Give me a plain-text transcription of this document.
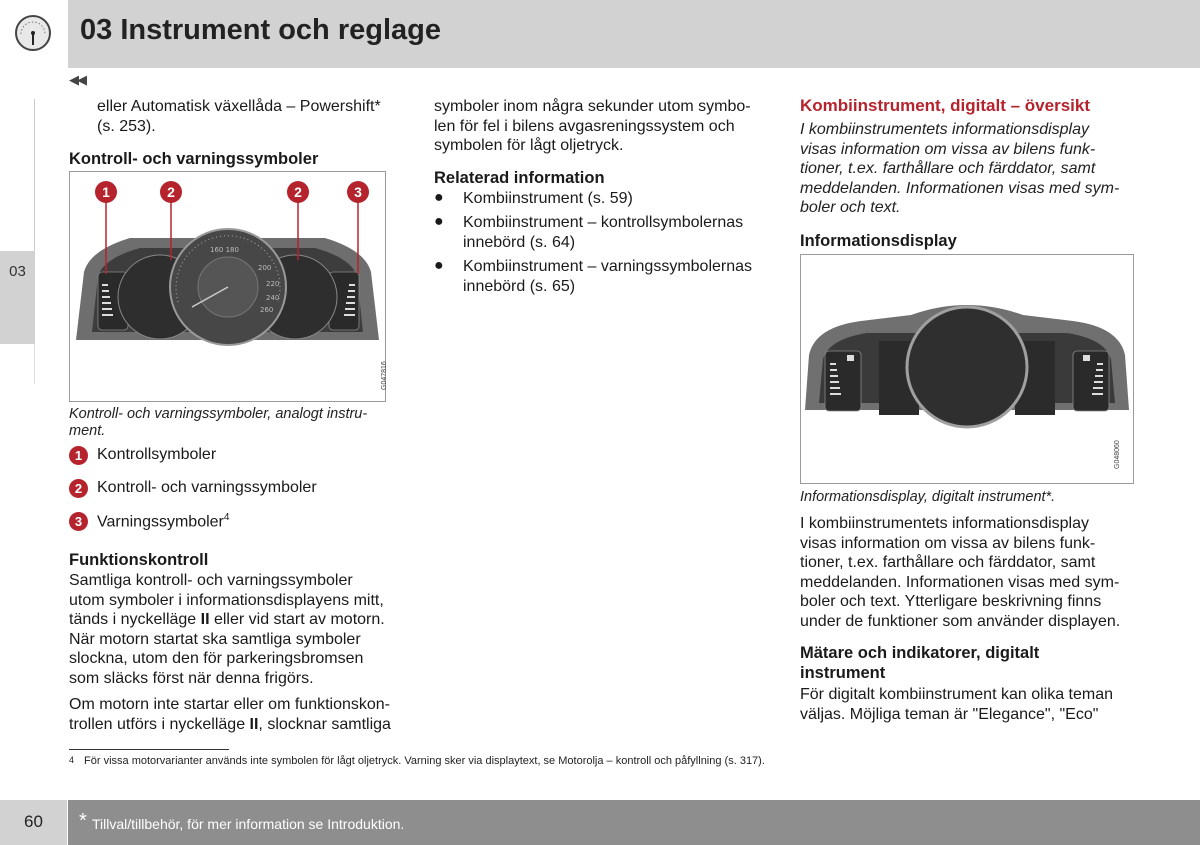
03 Instrument och reglage
◀◀
03

eller Automatisk växellåda – Powershift*

(s. 253).

Kontroll- och varningssymboler
160 180
200
220
240
260
1	2	2	3
G047816

Kontroll- och varningssymboler, analogt instru-

ment.

1 Kontrollsymboler
2 Kontroll- och varningssymboler
3 Varningssymboler$^4$
Funktionskontroll

Samtliga kontroll- och varningssymboler

utom symboler i informationsdisplayens mitt,

tänds i nyckelläge II eller vid start av motorn.

När motorn startat ska samtliga symboler

slockna, utom den för parkeringsbromsen

som släcks först när denna frigörs.

Om motorn inte startar eller om funktionskon-

trollen utförs i nyckelläge II, slocknar samtliga

symboler inom några sekunder utom symbo-

len för fel i bilens avgasreningssystem och

symbolen för lågt oljetryck.

Relaterad information
● Kombiinstrument (s. 59)

● Kombiinstrument – kontrollsymbolernas

innebörd (s. 64)

● Kombiinstrument – varningssymbolernas

innebörd (s. 65)

Kombiinstrument, digitalt – översikt

I kombiinstrumentets informationsdisplay

visas information om vissa av bilens funk-

tioner, t.ex. farthållare och färddator, samt

meddelanden. Informationen visas med sym-

boler och text.

Informationsdisplay
G048060
Informationsdisplay, digitalt instrument*.

I kombiinstrumentets informationsdisplay

visas information om vissa av bilens funk-

tioner, t.ex. farthållare och färddator, samt

meddelanden. Informationen visas med sym-

boler och text. Ytterligare beskrivning finns

under de funktioner som använder displayen.

Mätare och indikatorer, digitalt

instrument

För digitalt kombiinstrument kan olika teman

väljas. Möjliga teman är "Elegance", "Eco"

$^4$ För vissa motorvarianter används inte symbolen för lågt oljetryck. Varning sker via displaytext, se Motorolja – kontroll och påfyllning (s. 317).
60	* Tillval/tillbehör, för mer information se Introduktion.
